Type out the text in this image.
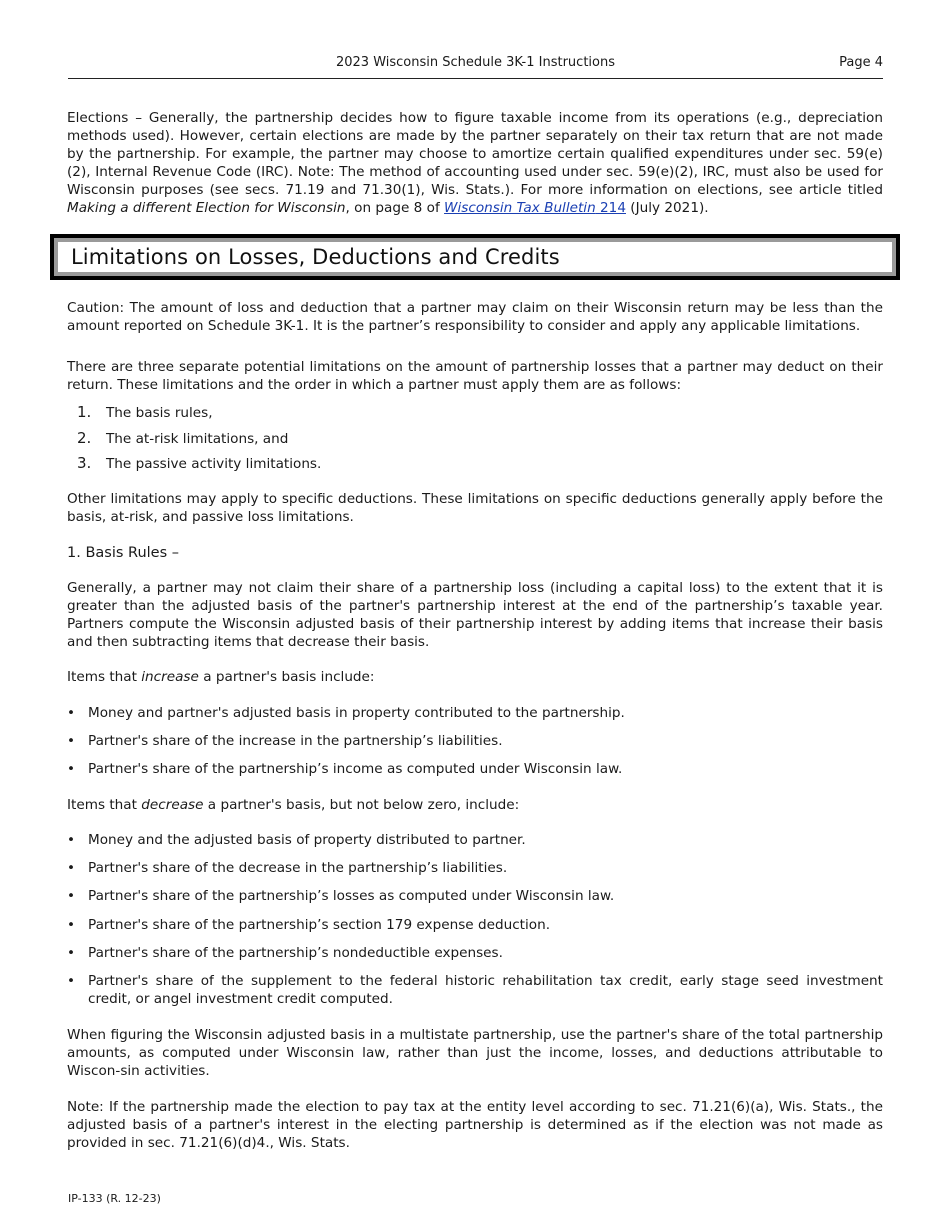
2023 Wisconsin Schedule 3K-1 Instructions	Page 4

Elections – Generally, the partnership decides how to figure taxable income from its operations (e.g., depreciation methods used). However, certain elections are made by the partner separately on their tax return that are not made by the partnership. For example, the partner may choose to amortize certain qualified expenditures under sec. 59(e)(2), Internal Revenue Code (IRC). Note: The method of accounting used under sec. 59(e)(2), IRC, must also be used for Wisconsin purposes (see secs. 71.19 and 71.30(1), Wis. Stats.). For more information on elections, see article titled Making a different Election for Wisconsin, on page 8 of Wisconsin Tax Bulletin 214 (July 2021).

Limitations on Losses, Deductions and Credits

Caution: The amount of loss and deduction that a partner may claim on their Wisconsin return may be less than the amount reported on Schedule 3K-1. It is the partner’s responsibility to consider and apply any applicable limitations.

There are three separate potential limitations on the amount of partnership losses that a partner may deduct on their return. These limitations and the order in which a partner must apply them are as follows:

1. The basis rules,
2. The at-risk limitations, and
3. The passive activity limitations.

Other limitations may apply to specific deductions. These limitations on specific deductions generally apply before the basis, at-risk, and passive loss limitations.

1. Basis Rules –

Generally, a partner may not claim their share of a partnership loss (including a capital loss) to the extent that it is greater than the adjusted basis of the partner's partnership interest at the end of the partnership’s taxable year. Partners compute the Wisconsin adjusted basis of their partnership interest by adding items that increase their basis and then subtracting items that decrease their basis.

Items that increase a partner's basis include:

• Money and partner's adjusted basis in property contributed to the partnership.
• Partner's share of the increase in the partnership’s liabilities.
• Partner's share of the partnership’s income as computed under Wisconsin law.

Items that decrease a partner's basis, but not below zero, include:

• Money and the adjusted basis of property distributed to partner.
• Partner's share of the decrease in the partnership’s liabilities.
• Partner's share of the partnership’s losses as computed under Wisconsin law.
• Partner's share of the partnership’s section 179 expense deduction.
• Partner's share of the partnership’s nondeductible expenses.
• Partner's share of the supplement to the federal historic rehabilitation tax credit, early stage seed investment credit, or angel investment credit computed.

When figuring the Wisconsin adjusted basis in a multistate partnership, use the partner's share of the total partnership amounts, as computed under Wisconsin law, rather than just the income, losses, and deductions attributable to Wiscon-sin activities.

Note: If the partnership made the election to pay tax at the entity level according to sec. 71.21(6)(a), Wis. Stats., the adjusted basis of a partner's interest in the electing partnership is determined as if the election was not made as provided in sec. 71.21(6)(d)4., Wis. Stats.

IP-133 (R. 12-23)
